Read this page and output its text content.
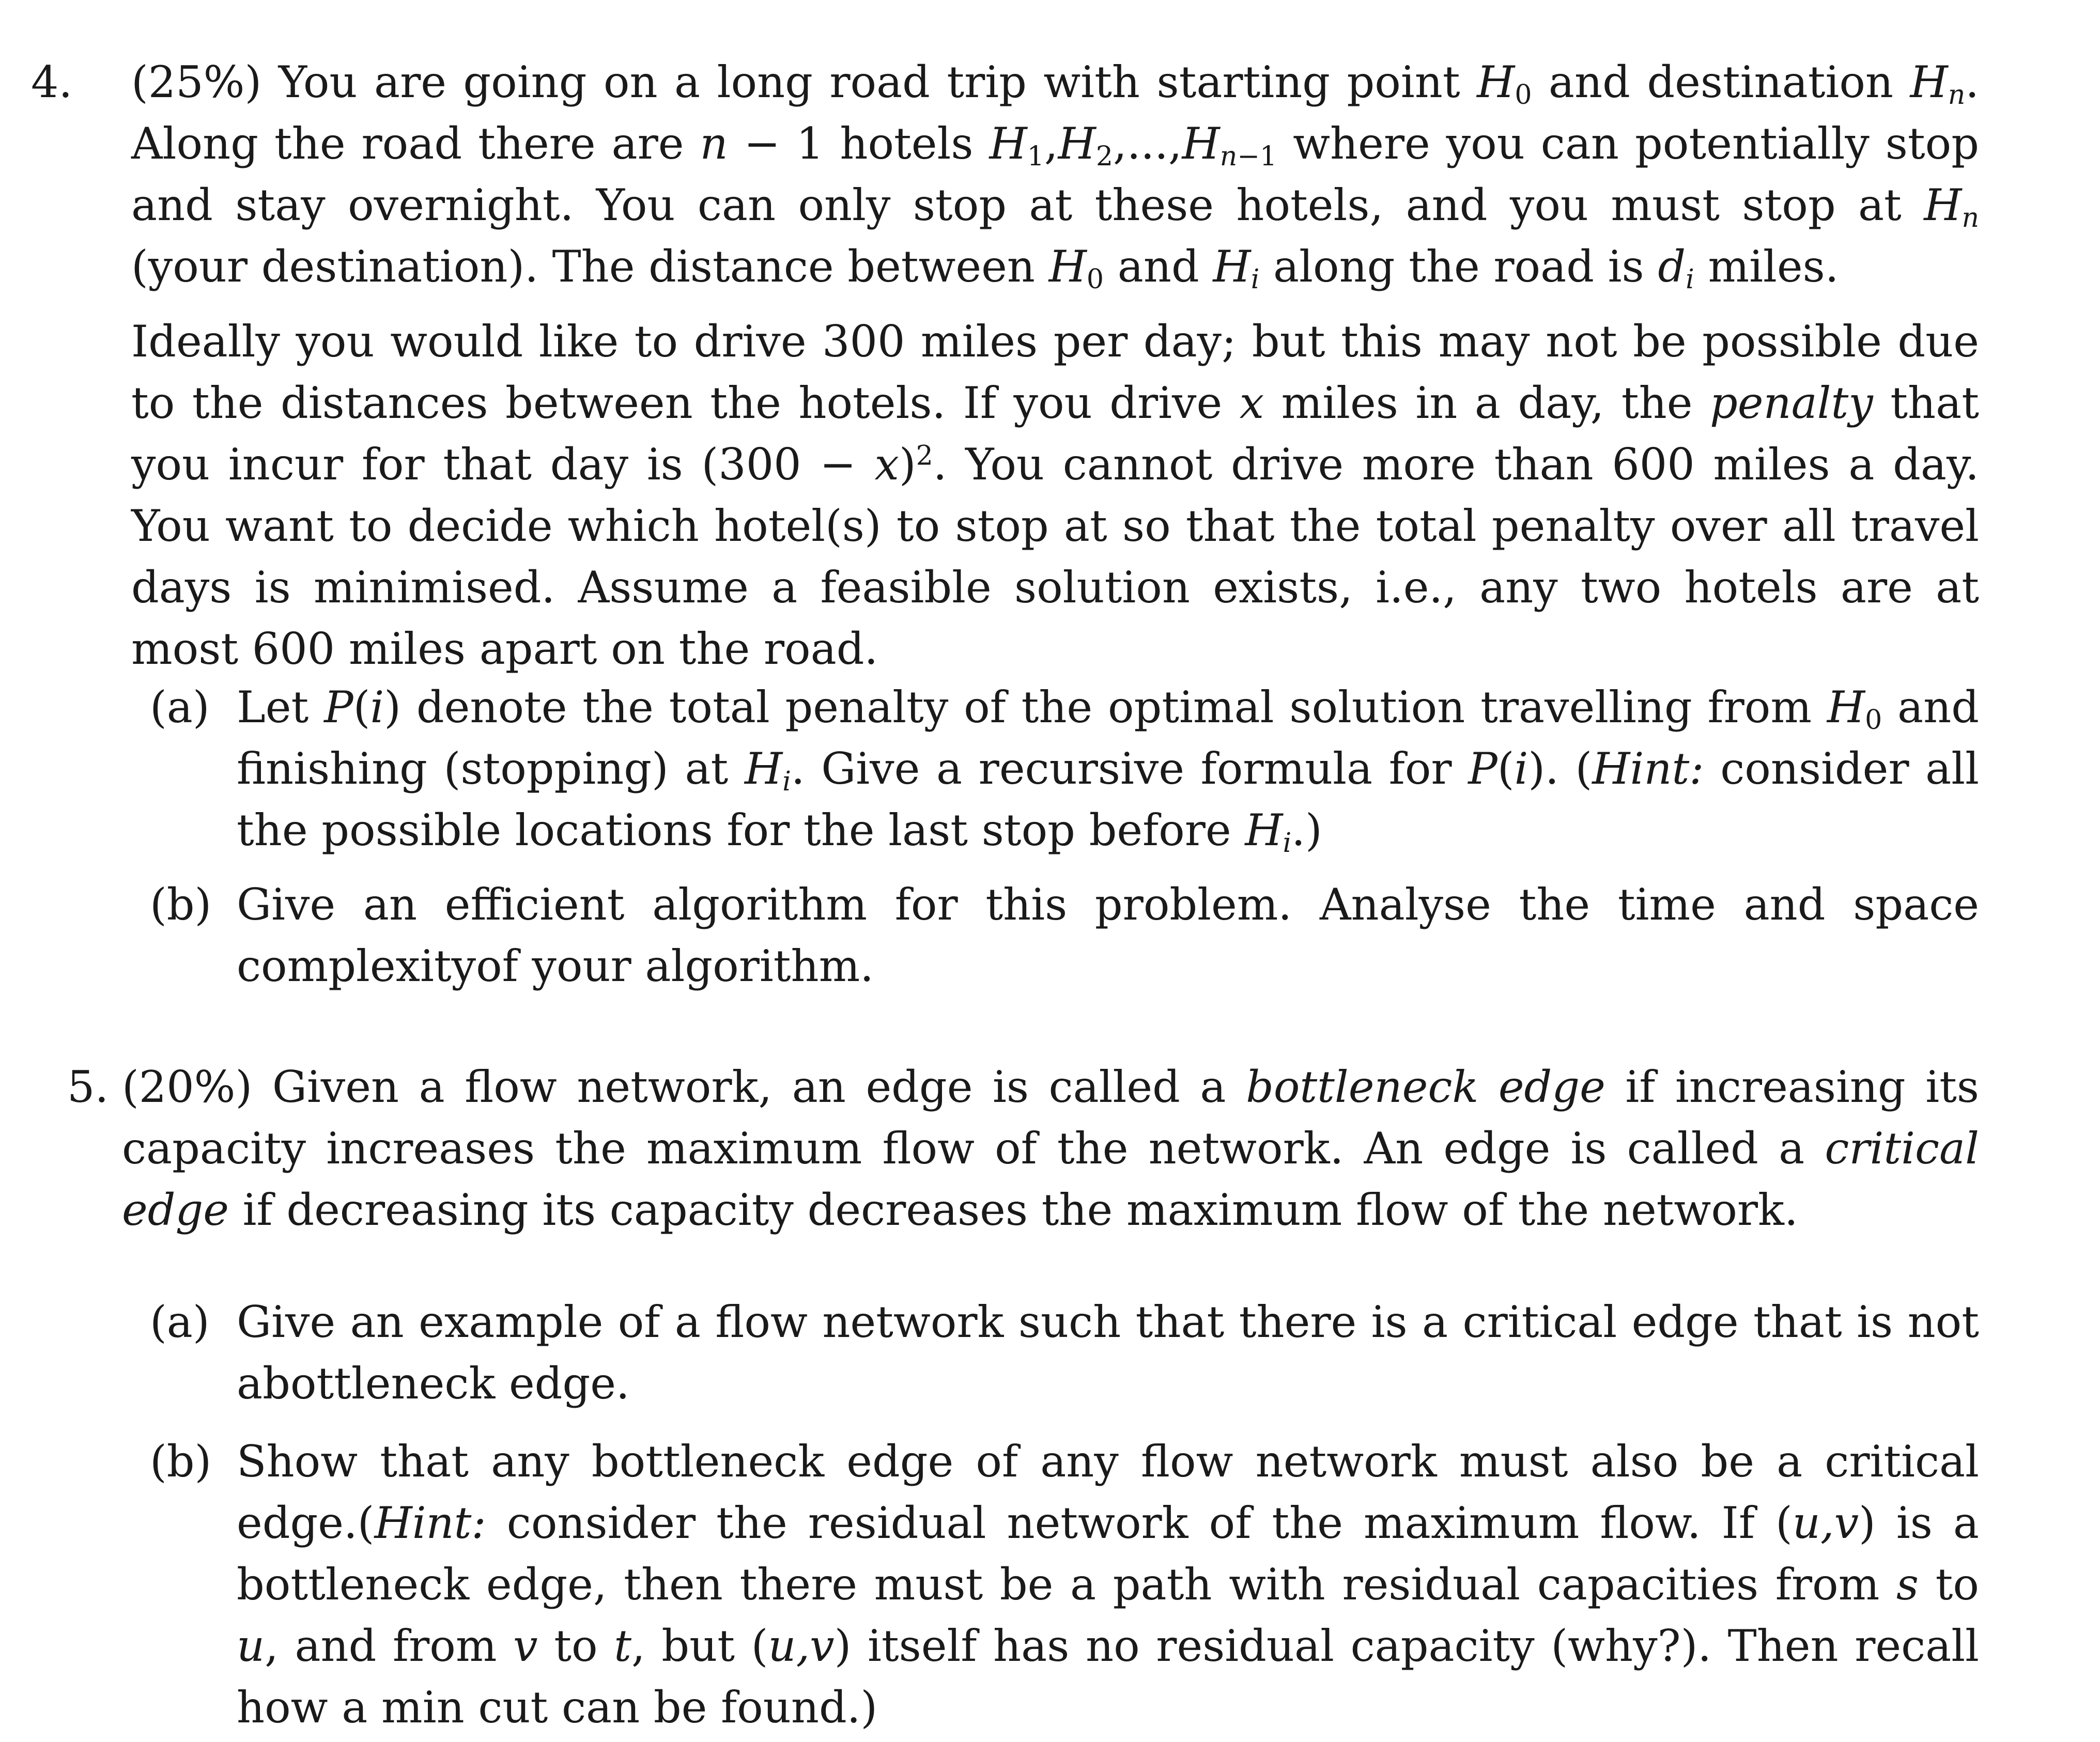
4. (25%) You are going on a long road trip with starting point $H_0$ and destination $H_n$. Along the road there are n − 1 hotels $H_1,H_2,...,H_{n-1}$ where you can potentially stop and stay overnight. You can only stop at these hotels, and you must stop at $H_n$ (your destination). The distance between $H_0$ and $H_i$ along the road is $d_i$ miles.

Ideally you would like to drive 300 miles per day; but this may not be possible due to the distances between the hotels. If you drive x miles in a day, the penalty that you incur for that day is $(300 - x)^2$. You cannot drive more than 600 miles a day. You want to decide which hotel(s) to stop at so that the total penalty over all travel days is minimised. Assume a feasible solution exists, i.e., any two hotels are at most 600 miles apart on the road.

(a) Let P(i) denote the total penalty of the optimal solution travelling from $H_0$ and finishing (stopping) at $H_i$. Give a recursive formula for P(i). (Hint: consider all the possible locations for the last stop before $H_i$.)

(b) Give an efficient algorithm for this problem. Analyse the time and space complexityof your algorithm.

5. (20%) Given a flow network, an edge is called a bottleneck edge if increasing its capacity increases the maximum flow of the network. An edge is called a critical edge if decreasing its capacity decreases the maximum flow of the network.

(a) Give an example of a flow network such that there is a critical edge that is not abottleneck edge.

(b) Show that any bottleneck edge of any flow network must also be a critical edge.(Hint: consider the residual network of the maximum flow. If (u,v) is a bottleneck edge, then there must be a path with residual capacities from s to u, and from v to t, but (u,v) itself has no residual capacity (why?). Then recall how a min cut can be found.)
